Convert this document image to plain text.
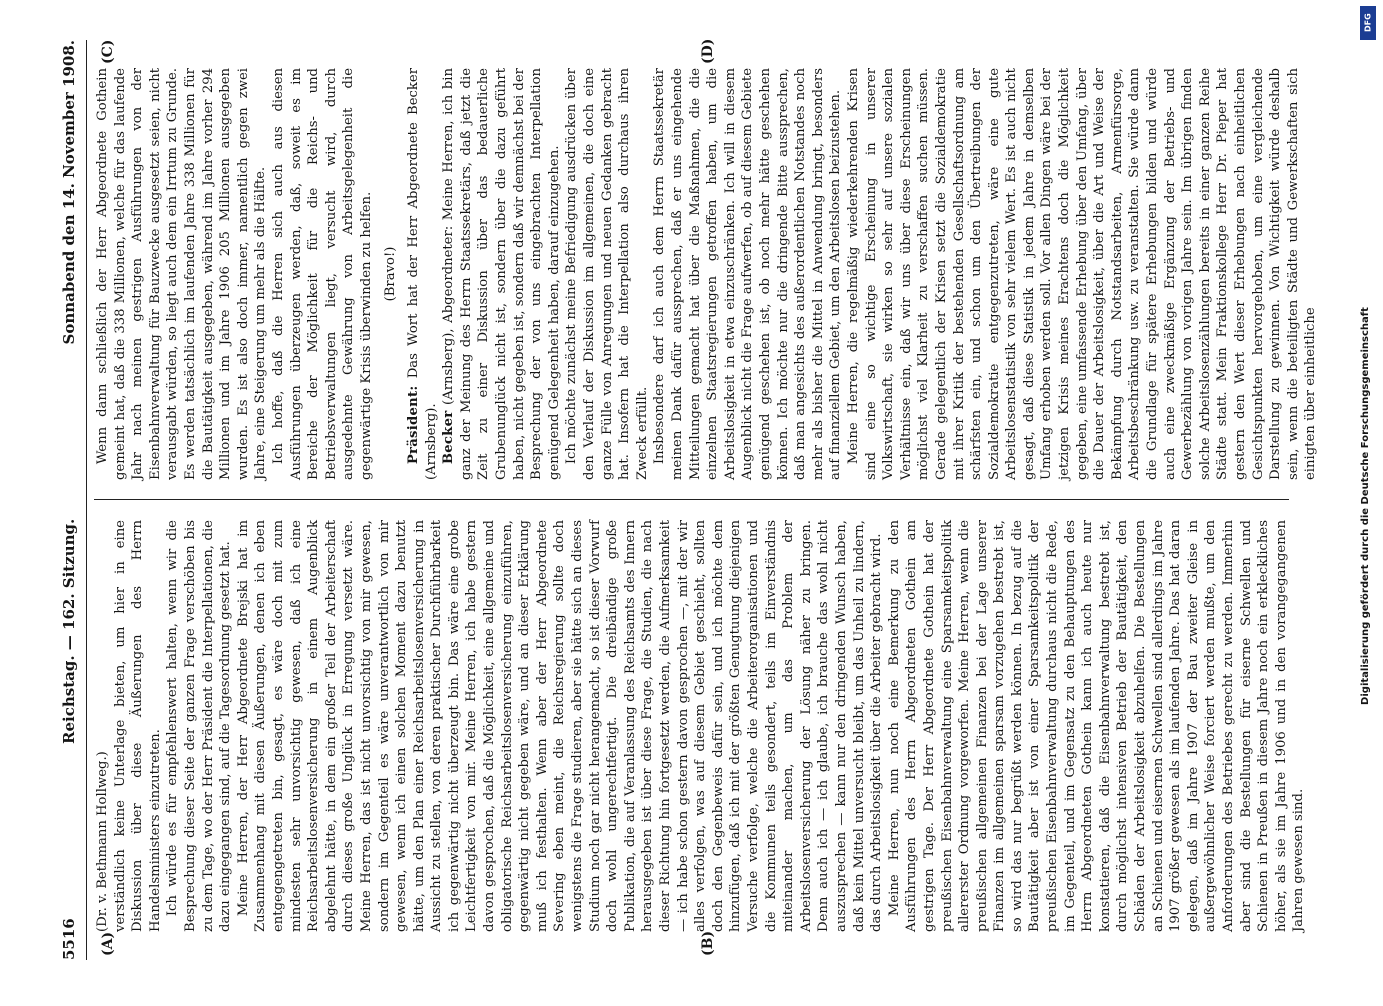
5516
Reichstag. — 162. Sitzung.
Sonnabend den 14. November 1908.
(A)	(B)
(C)	(D)

(Dr. v. Bethmann Hollweg.) verständlich keine Unterlage bieten, um hier in eine Diskussion über diese Äußerungen des Herrn Handelsministers einzutreten. Ich würde es für empfehlenswert halten, wenn wir die Besprechung dieser Seite der ganzen Frage verschöben bis zu dem Tage, wo der Herr Präsident die Interpellationen, die dazu eingegangen sind, auf die Tagesordnung gesetzt hat. Meine Herren, der Herr Abgeordnete Brejski hat im Zusammenhang mit diesen Äußerungen, denen ich eben entgegengetreten bin, gesagt, es wäre doch mit zum mindesten sehr unvorsichtig gewesen, daß ich eine Reichsarbeitslosenversicherung in einem Augenblick abgelehnt hätte, in dem ein großer Teil der Arbeiterschaft durch dieses große Unglück in Erregung versetzt wäre. Meine Herren, das ist nicht unvorsichtig von mir gewesen, sondern im Gegenteil es wäre unverantwortlich von mir gewesen, wenn ich einen solchen Moment dazu benutzt hätte, um den Plan einer Reichsarbeitslosenversicherung in Aussicht zu stellen, von deren praktischer Durchführbarkeit ich gegenwärtig nicht überzeugt bin. Das wäre eine grobe Leichtfertigkeit von mir. Meine Herren, ich habe gestern davon gesprochen, daß die Möglichkeit, eine allgemeine und obligatorische Reichsarbeitslosenversicherung einzuführen, gegenwärtig nicht gegeben wäre, und an dieser Erklärung muß ich festhalten. Wenn aber der Herr Abgeordnete Severing eben meint, die Reichsregierung sollte doch wenigstens die Frage studieren, aber sie hätte sich an dieses Studium noch gar nicht herangemacht, so ist dieser Vorwurf doch wohl ungerechtfertigt. Die dreibändige große Publikation, die auf Veranlassung des Reichsamts des Innern herausgegeben ist über diese Frage, die Studien, die nach dieser Richtung hin fortgesetzt werden, die Aufmerksamkeit — ich habe schon gestern davon gesprochen —, mit der wir alles verfolgen, was auf diesem Gebiet geschieht, sollten doch den Gegenbeweis dafür sein, und ich möchte dem hinzufügen, daß ich mit der größten Genugtuung diejenigen Versuche verfolge, welche die Arbeiterorganisationen und die Kommunen teils gesondert, teils im Einverständnis miteinander machen, um das Problem der Arbeitslosenversicherung der Lösung näher zu bringen. Denn auch ich — ich glaube, ich brauche das wohl nicht auszusprechen — kann nur den dringenden Wunsch haben, daß kein Mittel unversucht bleibt, um das Unheil zu lindern, das durch Arbeitslosigkeit über die Arbeiter gebracht wird. Meine Herren, nun noch eine Bemerkung zu den Ausführungen des Herrn Abgeordneten Gothein am gestrigen Tage. Der Herr Abgeordnete Gothein hat der preußischen Eisenbahnverwaltung eine Sparsamkeitspolitik allererster Ordnung vorgeworfen. Meine Herren, wenn die preußischen allgemeinen Finanzen bei der Lage unserer Finanzen im allgemeinen sparsam vorzugehen bestrebt ist, so wird das nur begrüßt werden können. In bezug auf die Bautätigkeit aber ist von einer Sparsamkeitspolitik der preußischen Eisenbahnverwaltung durchaus nicht die Rede, im Gegenteil, und im Gegensatz zu den Behauptungen des Herrn Abgeordneten Gothein kann ich auch heute nur konstatieren, daß die Eisenbahnverwaltung bestrebt ist, durch möglichst intensiven Betrieb der Bautätigkeit, den Schäden der Arbeitslosigkeit abzuhelfen. Die Bestellungen an Schienen und eisernen Schwellen sind allerdings im Jahre 1907 größer gewesen als im laufenden Jahre. Das hat daran gelegen, daß im Jahre 1907 der Bau zweiter Gleise in außergewöhnlicher Weise forciert werden mußte, um den Anforderungen des Betriebes gerecht zu werden. Immerhin aber sind die Bestellungen für eiserne Schwellen und Schienen in Preußen in diesem Jahre noch ein erkleckliches höher, als sie im Jahre 1906 und in den vorangegangenen Jahren gewesen sind.

Wenn dann schließlich der Herr Abgeordnete Gothein gemeint hat, daß die 338 Millionen, welche für das laufende Jahr nach meinen gestrigen Ausführungen von der Eisenbahnverwaltung für Bauzwecke ausgesetzt seien, nicht verausgabt würden, so liegt auch dem ein Irrtum zu Grunde. Es werden tatsächlich im laufenden Jahre 338 Millionen für die Bautätigkeit ausgegeben, während im Jahre vorher 294 Millionen und im Jahre 1906 205 Millionen ausgegeben wurden. Es ist also doch immer, namentlich gegen zwei Jahre, eine Steigerung um mehr als die Hälfte. Ich hoffe, daß die Herren sich auch aus diesen Ausführungen überzeugen werden, daß, soweit es im Bereiche der Möglichkeit für die Reichs- und Betriebsverwaltungen liegt, versucht wird, durch ausgedehnte Gewährung von Arbeitsgelegenheit die gegenwärtige Krisis überwinden zu helfen. (Bravo!)

Präsident: Das Wort hat der Herr Abgeordnete Becker (Arnsberg). Becker (Arnsberg), Abgeordneter: Meine Herren, ich bin ganz der Meinung des Herrn Staatssekretärs, daß jetzt die Zeit zu einer Diskussion über das bedauerliche Grubenunglück nicht ist, sondern über die dazu geführt haben, nicht gegeben ist, sondern daß wir demnächst bei der Besprechung der von uns eingebrachten Interpellation genügend Gelegenheit haben, darauf einzugehen. Ich möchte zunächst meine Befriedigung ausdrücken über den Verlauf der Diskussion im allgemeinen, die doch eine ganze Fülle von Anregungen und neuen Gedanken gebracht hat. Insofern hat die Interpellation also durchaus ihren Zweck erfüllt. Insbesondere darf ich auch dem Herrn Staatssekretär meinen Dank dafür aussprechen, daß er uns eingehende Mitteilungen gemacht hat über die Maßnahmen, die die einzelnen Staatsregierungen getroffen haben, um die Arbeitslosigkeit in etwa einzuschränken. Ich will in diesem Augenblick nicht die Frage aufwerfen, ob auf diesem Gebiete genügend geschehen ist, ob noch mehr hätte geschehen können. Ich möchte nur die dringende Bitte aussprechen, daß man angesichts des außerordentlichen Notstandes noch mehr als bisher die Mittel in Anwendung bringt, besonders auf finanziellem Gebiet, um den Arbeitslosen beizustehen. Meine Herren, die regelmäßig wiederkehrenden Krisen sind eine so wichtige Erscheinung in unserer Volkswirtschaft, sie wirken so sehr auf unsere sozialen Verhältnisse ein, daß wir uns über diese Erscheinungen möglichst viel Klarheit zu verschaffen suchen müssen. Gerade gelegentlich der Krisen setzt die Sozialdemokratie mit ihrer Kritik der bestehenden Gesellschaftsordnung am schärfsten ein, und schon um den Übertreibungen der Sozialdemokratie entgegenzutreten, wäre eine gute Arbeitslosenstatistik von sehr vielem Wert. Es ist auch nicht gesagt, daß diese Statistik in jedem Jahre in demselben Umfang erhoben werden soll. Vor allen Dingen wäre bei der jetzigen Krisis meines Erachtens doch die Möglichkeit gegeben, eine umfassende Erhebung über den Umfang, über die Dauer der Arbeitslosigkeit, über die Art und Weise der Bekämpfung durch Notstandsarbeiten, Armenfürsorge, Arbeitsbeschränkung usw. zu veranstalten. Sie würde dann die Grundlage für spätere Erhebungen bilden und würde auch eine zweckmäßige Ergänzung der Betriebs- und Gewerbezählung von vorigen Jahre sein. Im übrigen finden solche Arbeitslosenzählungen bereits in einer ganzen Reihe Städte statt. Mein Fraktionskollege Herr Dr. Pieper hat gestern den Wert dieser Erhebungen nach einheitlichen Gesichtspunkten hervorgehoben, um eine vergleichende Darstellung zu gewinnen. Von Wichtigkeit würde deshalb sein, wenn die beteiligten Städte und Gewerkschaften sich einigten über einheitliche	Digitalisierung gefördert durch die Deutsche Forschungsgemeinschaft
DFG
